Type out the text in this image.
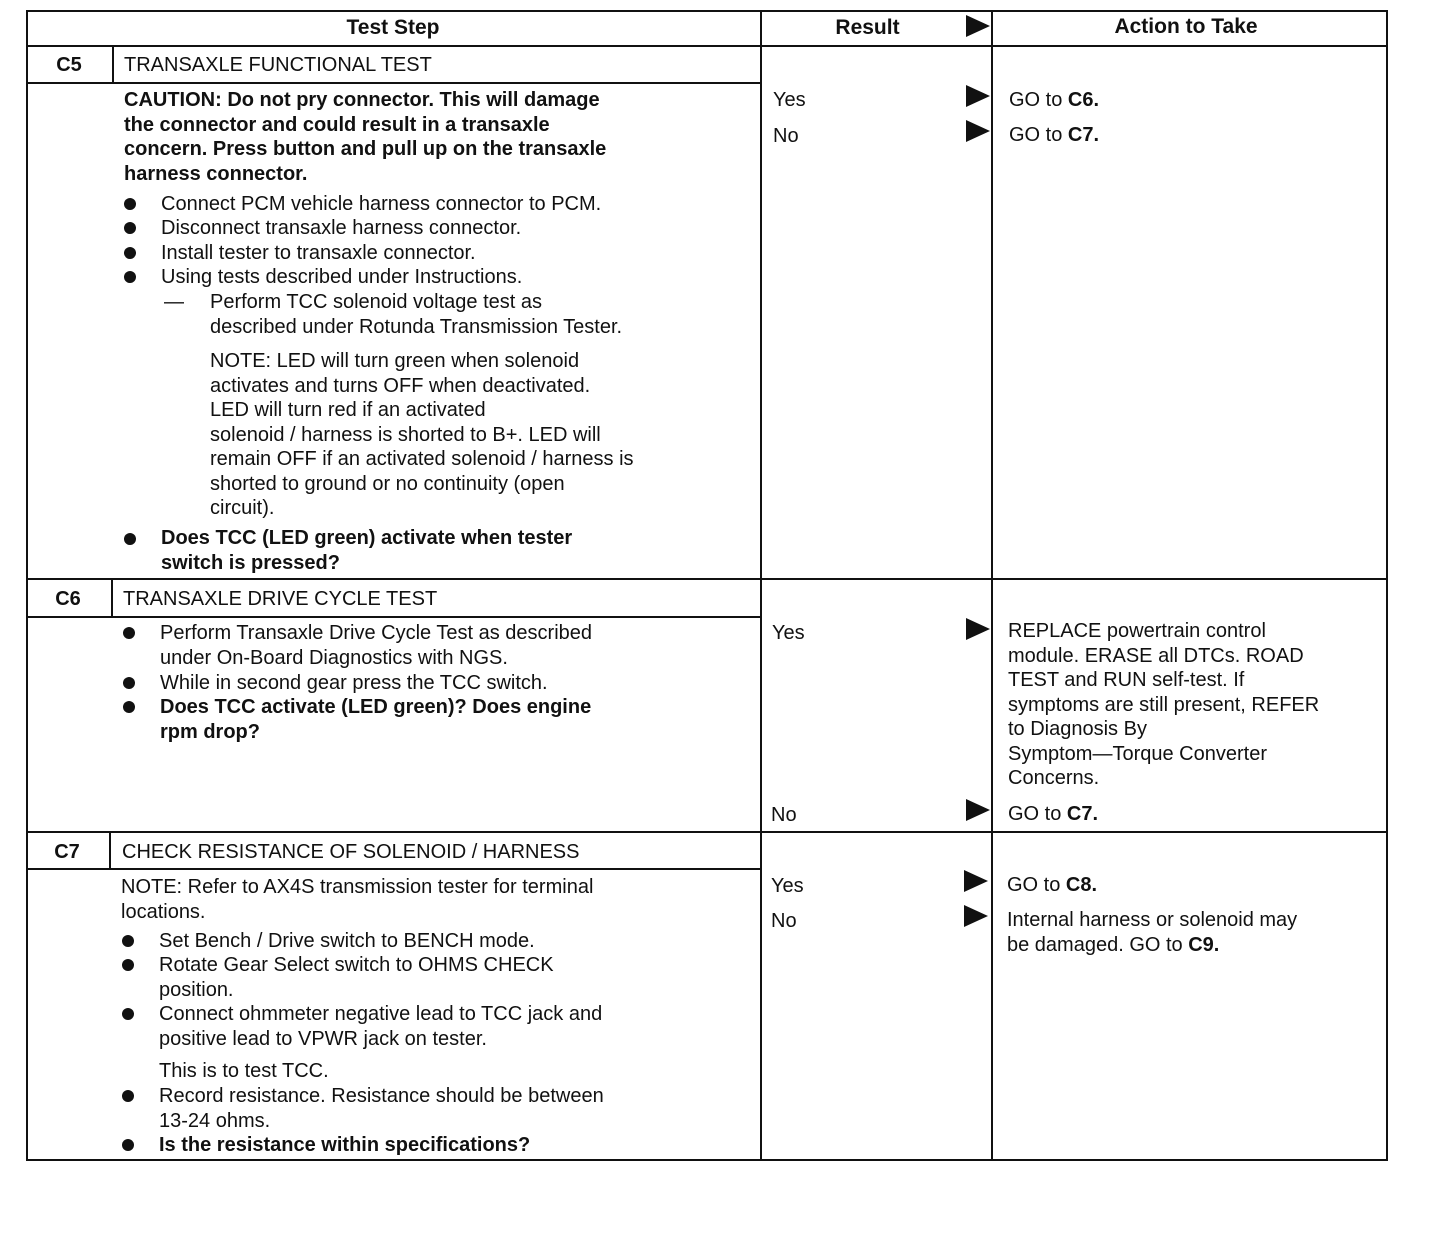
Test Step	Result	Action to Take
C5	TRANSAXLE FUNCTIONAL TEST
CAUTION: Do not pry connector. This will damage
the connector and could result in a transaxle
concern. Press button and pull up on the transaxle
harness connector.
Connect PCM vehicle harness connector to PCM.
Disconnect transaxle harness connector.
Install tester to transaxle connector.
Using tests described under Instructions.
— Perform TCC solenoid voltage test as
described under Rotunda Transmission Tester.
NOTE: LED will turn green when solenoid
activates and turns OFF when deactivated.
LED will turn red if an activated
solenoid / harness is shorted to B+. LED will
remain OFF if an activated solenoid / harness is
shorted to ground or no continuity (open
circuit).
Does TCC (LED green) activate when tester
switch is pressed?
Yes	GO to C6.
No	GO to C7.
C6	TRANSAXLE DRIVE CYCLE TEST
Perform Transaxle Drive Cycle Test as described
under On-Board Diagnostics with NGS.
While in second gear press the TCC switch.
Does TCC activate (LED green)? Does engine
rpm drop?
Yes	REPLACE powertrain control
module. ERASE all DTCs. ROAD
TEST and RUN self-test. If
symptoms are still present, REFER
to Diagnosis By
Symptom—Torque Converter
Concerns.
No	GO to C7.
C7	CHECK RESISTANCE OF SOLENOID / HARNESS
NOTE: Refer to AX4S transmission tester for terminal
locations.
Set Bench / Drive switch to BENCH mode.
Rotate Gear Select switch to OHMS CHECK
position.
Connect ohmmeter negative lead to TCC jack and
positive lead to VPWR jack on tester.
This is to test TCC.
Record resistance. Resistance should be between
13-24 ohms.
Is the resistance within specifications?
Yes	GO to C8.
No	Internal harness or solenoid may
be damaged. GO to C9.
